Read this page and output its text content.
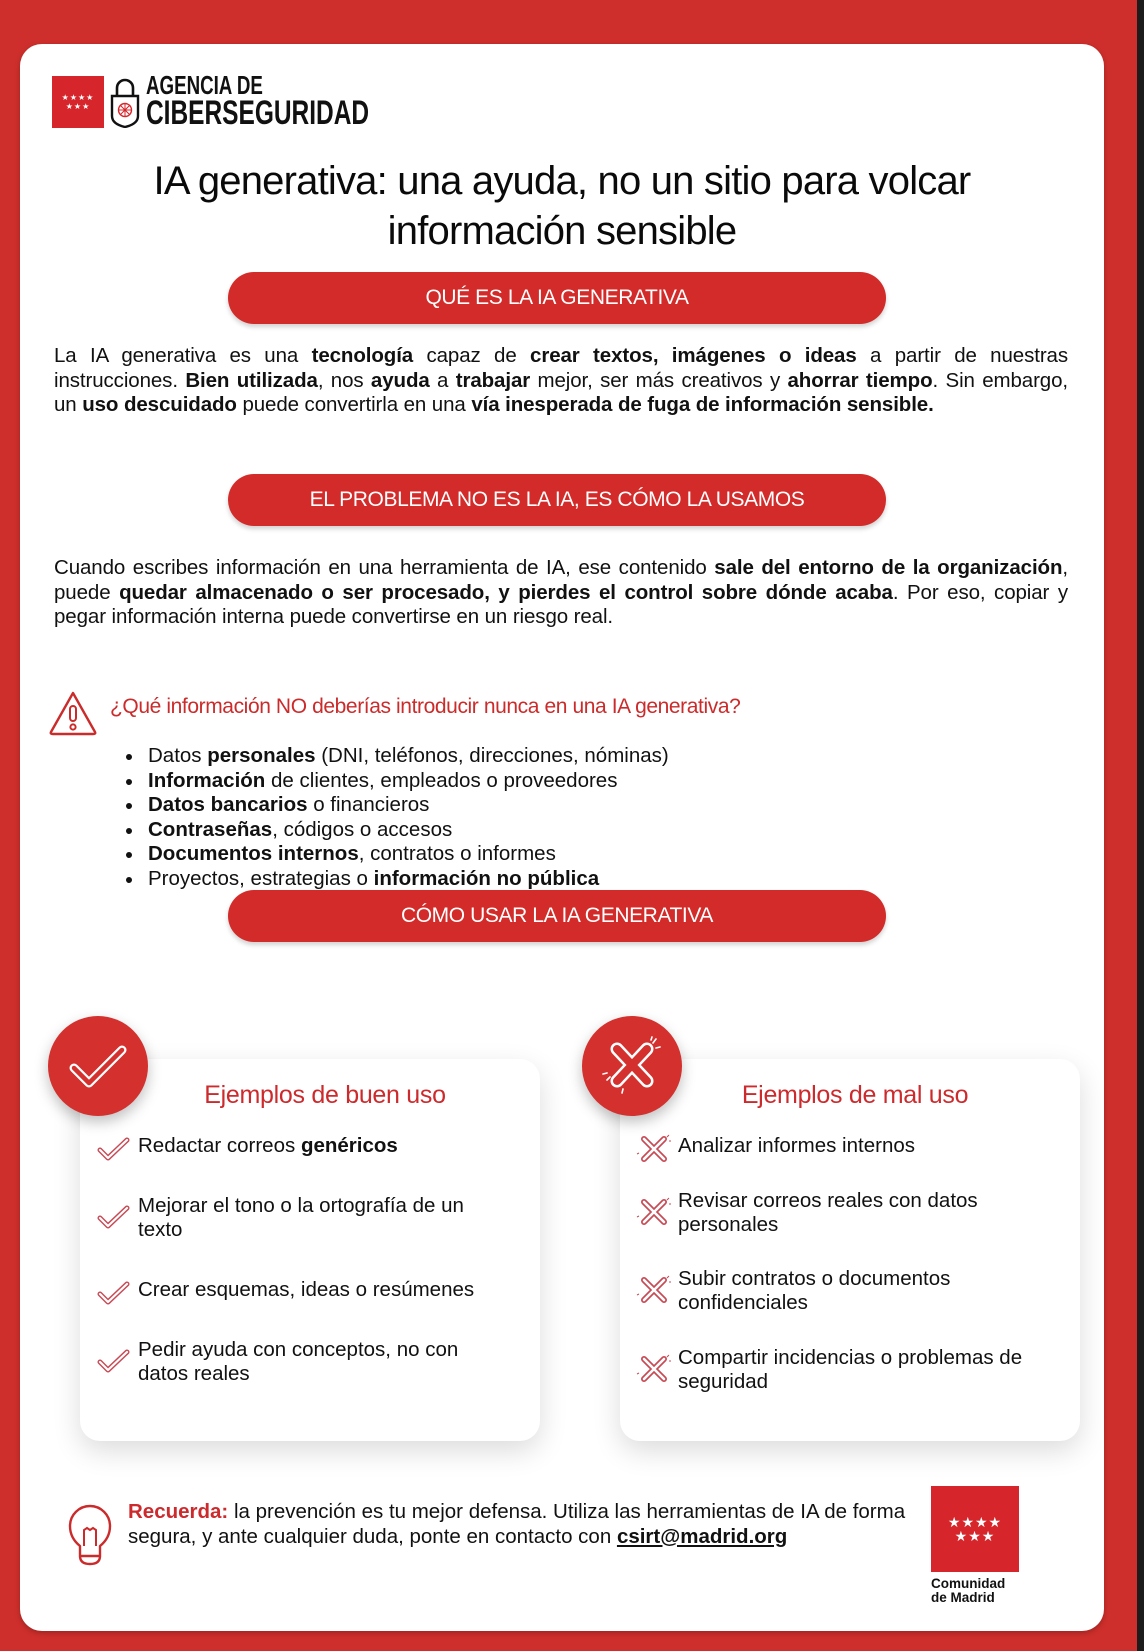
★★★★
★★★
AGENCIA DE
CIBERSEGURIDAD
IA generativa: una ayuda, no un sitio para volcar
información sensible
QUÉ ES LA IA GENERATIVA
La IA generativa es una tecnología capaz de crear textos, imágenes o ideas a partir de nuestras instrucciones. Bien utilizada, nos ayuda a trabajar mejor, ser más creativos y ahorrar tiempo. Sin embargo, un uso descuidado puede convertirla en una vía inesperada de fuga de información sensible.
EL PROBLEMA NO ES LA IA, ES CÓMO LA USAMOS
Cuando escribes información en una herramienta de IA, ese contenido sale del entorno de la organización, puede quedar almacenado o ser procesado, y pierdes el control sobre dónde acaba. Por eso, copiar y pegar información interna puede convertirse en un riesgo real.
¿Qué información NO deberías introducir nunca en una IA generativa?
Datos personales (DNI, teléfonos, direcciones, nóminas)
Información de clientes, empleados o proveedores
Datos bancarios o financieros
Contraseñas, códigos o accesos
Documentos internos, contratos o informes
Proyectos, estrategias o información no pública
CÓMO USAR LA IA GENERATIVA
Ejemplos de buen uso
Redactar correos genéricos
Mejorar el tono o la ortografía de un texto
Crear esquemas, ideas o resúmenes
Pedir ayuda con conceptos, no con datos reales
Ejemplos de mal uso
Analizar informes internos
Revisar correos reales con datos personales
Subir contratos o documentos confidenciales
Compartir incidencias o problemas de seguridad
Recuerda: la prevención es tu mejor defensa. Utiliza las herramientas de IA de forma segura, y ante cualquier duda, ponte en contacto con csirt@madrid.org
★★★★
★★★
Comunidad
de Madrid
